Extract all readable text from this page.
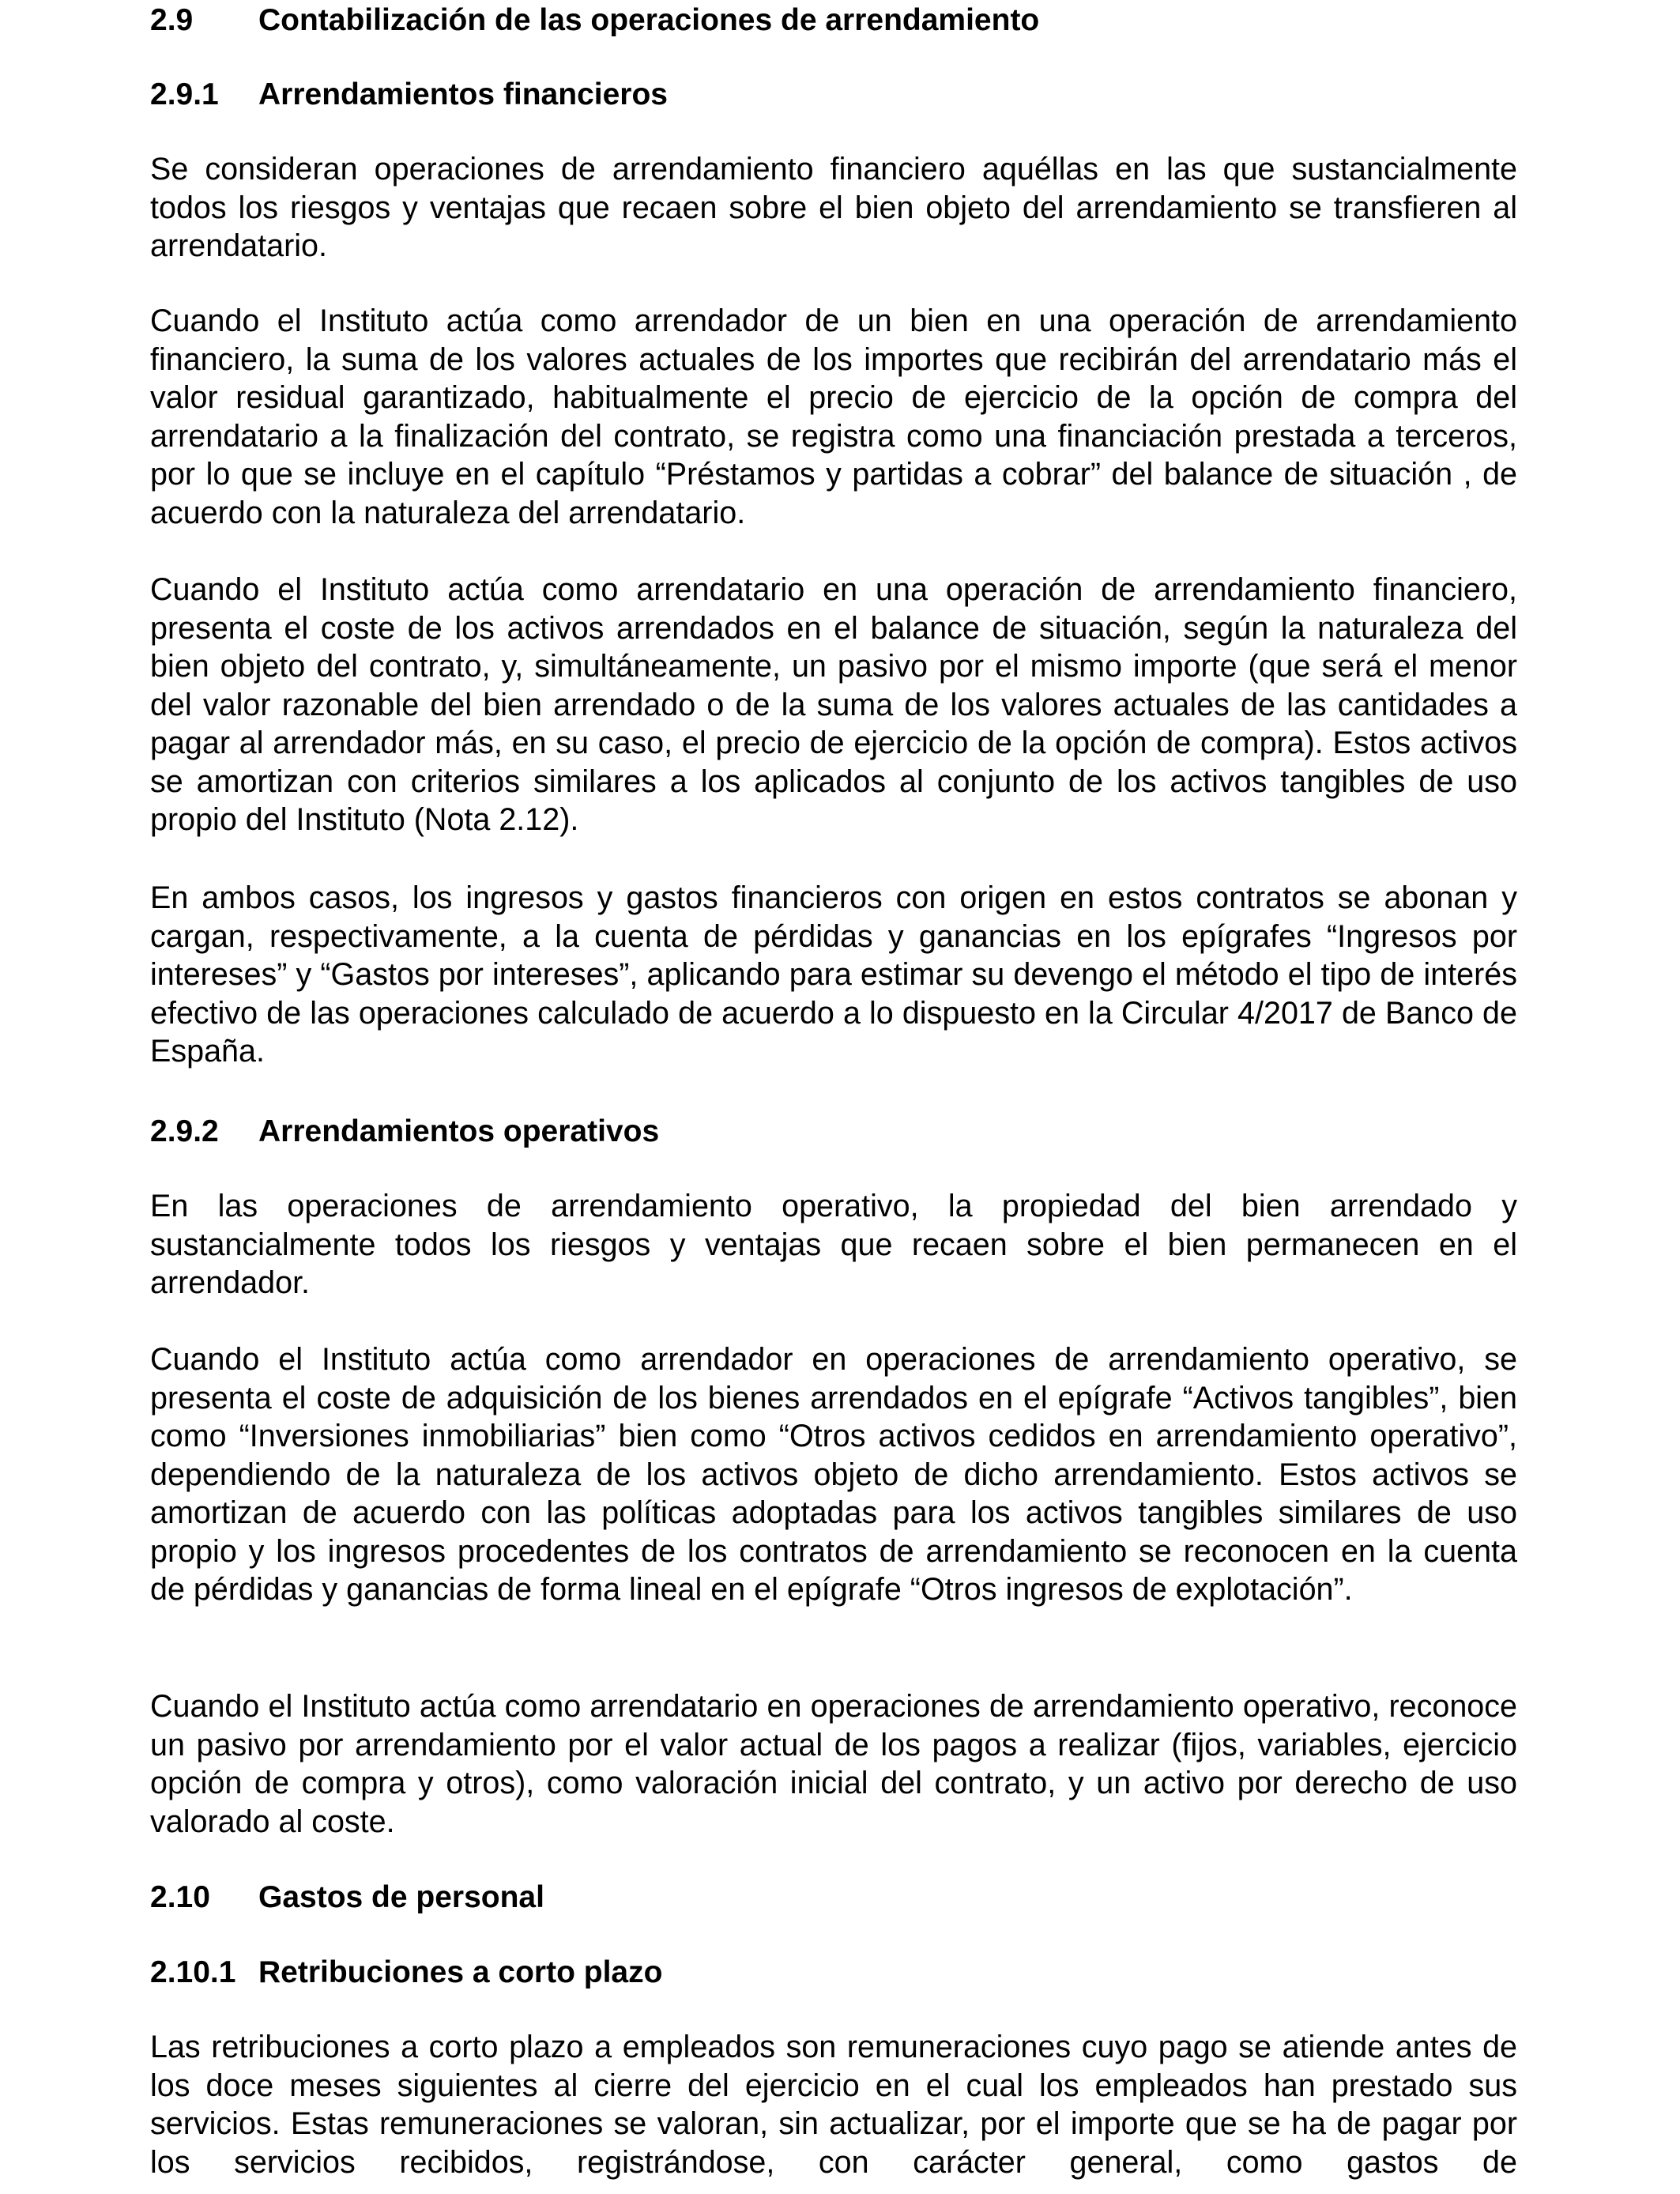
2.9	Contabilización de las operaciones de arrendamiento
2.9.1	Arrendamientos financieros

Se consideran operaciones de arrendamiento financiero aquéllas en las que sustancialmente todos los riesgos y ventajas que recaen sobre el bien objeto del arrendamiento se transfieren al arrendatario.

Cuando el Instituto actúa como arrendador de un bien en una operación de arrendamiento financiero, la suma de los valores actuales de los importes que recibirán del arrendatario más el valor residual garantizado, habitualmente el precio de ejercicio de la opción de compra del arrendatario a la finalización del contrato, se registra como una financiación prestada a terceros, por lo que se incluye en el capítulo “Préstamos y partidas a cobrar” del balance de situación , de acuerdo con la naturaleza del arrendatario.

Cuando el Instituto actúa como arrendatario en una operación de arrendamiento financiero, presenta el coste de los activos arrendados en el balance de situación, según la naturaleza del bien objeto del contrato, y, simultáneamente, un pasivo por el mismo importe (que será el menor del valor razonable del bien arrendado o de la suma de los valores actuales de las cantidades a pagar al arrendador más, en su caso, el precio de ejercicio de la opción de compra). Estos activos se amortizan con criterios similares a los aplicados al conjunto de los activos tangibles de uso propio del Instituto (Nota 2.12).

En ambos casos, los ingresos y gastos financieros con origen en estos contratos se abonan y cargan, respectivamente, a la cuenta de pérdidas y ganancias en los epígrafes “Ingresos por intereses” y “Gastos por intereses”, aplicando para estimar su devengo el método el tipo de interés efectivo de las operaciones calculado de acuerdo a lo dispuesto en la Circular 4/2017 de Banco de España.

2.9.2	Arrendamientos operativos

En las operaciones de arrendamiento operativo, la propiedad del bien arrendado y sustancialmente todos los riesgos y ventajas que recaen sobre el bien permanecen en el arrendador.

Cuando el Instituto actúa como arrendador en operaciones de arrendamiento operativo, se presenta el coste de adquisición de los bienes arrendados en el epígrafe “Activos tangibles”, bien como “Inversiones inmobiliarias” bien como “Otros activos cedidos en arrendamiento operativo”, dependiendo de la naturaleza de los activos objeto de dicho arrendamiento. Estos activos se amortizan de acuerdo con las políticas adoptadas para los activos tangibles similares de uso propio y los ingresos procedentes de los contratos de arrendamiento se reconocen en la cuenta de pérdidas y ganancias de forma lineal en el epígrafe “Otros ingresos de explotación”.

Cuando el Instituto actúa como arrendatario en operaciones de arrendamiento operativo, reconoce un pasivo por arrendamiento por el valor actual de los pagos a realizar (fijos, variables, ejercicio opción de compra y otros), como valoración inicial del contrato, y un activo por derecho de uso valorado al coste.

2.10	Gastos de personal
2.10.1 Retribuciones a corto plazo

Las retribuciones a corto plazo a empleados son remuneraciones cuyo pago se atiende antes de los doce meses siguientes al cierre del ejercicio en el cual los empleados han prestado sus servicios. Estas remuneraciones se valoran, sin actualizar, por el importe que se ha de pagar por los servicios recibidos, registrándose, con carácter general, como gastos de
